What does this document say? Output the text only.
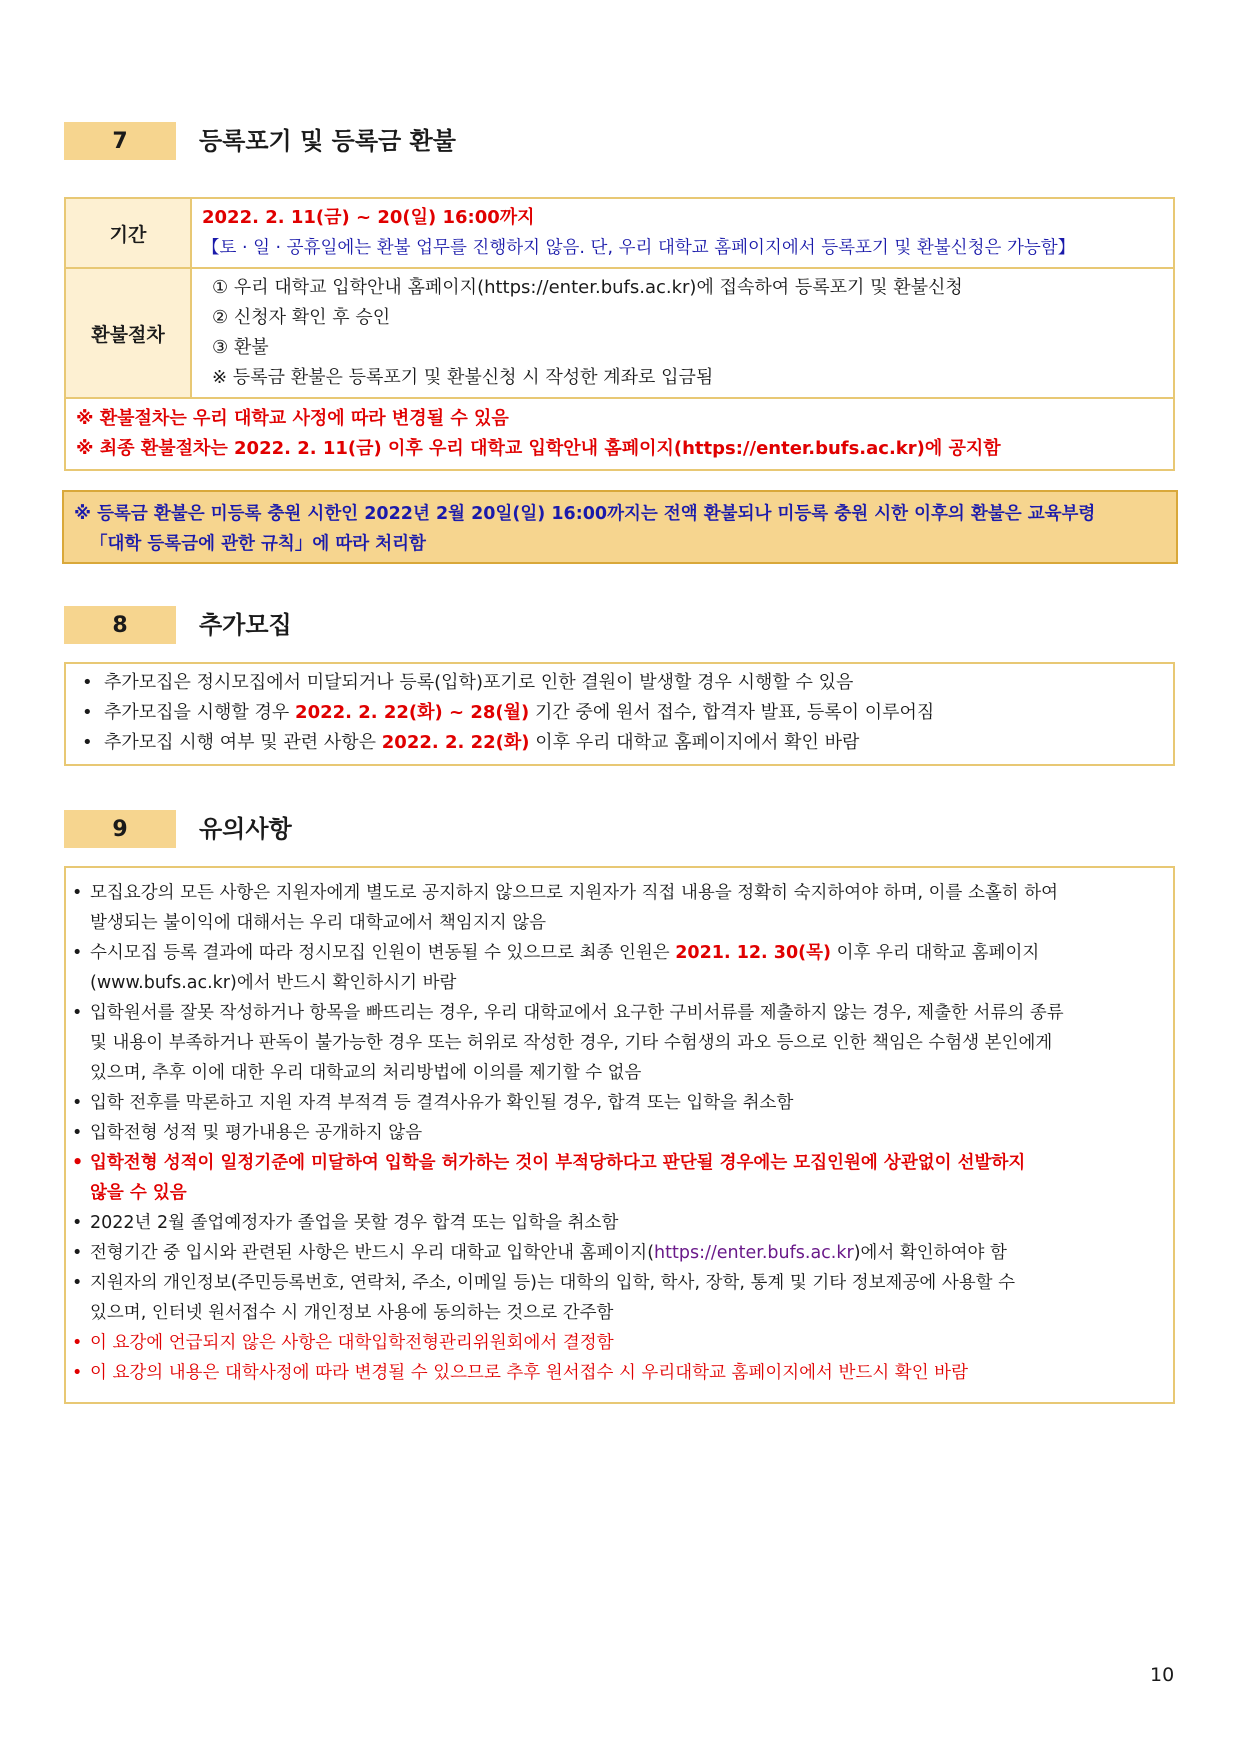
7	등록포기 및 등록금 환불
기간	2022. 2. 11(금) ~ 20(일) 16:00까지
【토 · 일 · 공휴일에는 환불 업무를 진행하지 않음. 단, 우리 대학교 홈페이지에서 등록포기 및 환불신청은 가능함】

환불절차	① 우리 대학교 입학안내 홈페이지(https://enter.bufs.ac.kr)에 접속하여 등록포기 및 환불신청
② 신청자 확인 후 승인
③ 환불
※ 등록금 환불은 등록포기 및 환불신청 시 작성한 계좌로 입금됨

※ 환불절차는 우리 대학교 사정에 따라 변경될 수 있음
※ 최종 환불절차는 2022. 2. 11(금) 이후 우리 대학교 입학안내 홈페이지(https://enter.bufs.ac.kr)에 공지함	
※ 등록금 환불은 미등록 충원 시한인 2022년 2월 20일(일) 16:00까지는 전액 환불되나 미등록 충원 시한 이후의 환불은 교육부령
「대학 등록금에 관한 규칙」에 따라 처리함
8	추가모집
• 추가모집은 정시모집에서 미달되거나 등록(입학)포기로 인한 결원이 발생할 경우 시행할 수 있음
• 추가모집을 시행할 경우 2022. 2. 22(화) ~ 28(월) 기간 중에 원서 접수, 합격자 발표, 등록이 이루어짐
• 추가모집 시행 여부 및 관련 사항은 2022. 2. 22(화) 이후 우리 대학교 홈페이지에서 확인 바람
9	유의사항
• 모집요강의 모든 사항은 지원자에게 별도로 공지하지 않으므로 지원자가 직접 내용을 정확히 숙지하여야 하며, 이를 소홀히 하여
발생되는 불이익에 대해서는 우리 대학교에서 책임지지 않음
• 수시모집 등록 결과에 따라 정시모집 인원이 변동될 수 있으므로 최종 인원은 2021. 12. 30(목) 이후 우리 대학교 홈페이지
(www.bufs.ac.kr)에서 반드시 확인하시기 바람
• 입학원서를 잘못 작성하거나 항목을 빠뜨리는 경우, 우리 대학교에서 요구한 구비서류를 제출하지 않는 경우, 제출한 서류의 종류
및 내용이 부족하거나 판독이 불가능한 경우 또는 허위로 작성한 경우, 기타 수험생의 과오 등으로 인한 책임은 수험생 본인에게
있으며, 추후 이에 대한 우리 대학교의 처리방법에 이의를 제기할 수 없음
• 입학 전후를 막론하고 지원 자격 부적격 등 결격사유가 확인될 경우, 합격 또는 입학을 취소함
• 입학전형 성적 및 평가내용은 공개하지 않음
• 입학전형 성적이 일정기준에 미달하여 입학을 허가하는 것이 부적당하다고 판단될 경우에는 모집인원에 상관없이 선발하지
않을 수 있음
• 2022년 2월 졸업예정자가 졸업을 못할 경우 합격 또는 입학을 취소함
• 전형기간 중 입시와 관련된 사항은 반드시 우리 대학교 입학안내 홈페이지(https://enter.bufs.ac.kr)에서 확인하여야 함
• 지원자의 개인정보(주민등록번호, 연락처, 주소, 이메일 등)는 대학의 입학, 학사, 장학, 통계 및 기타 정보제공에 사용할 수
있으며, 인터넷 원서접수 시 개인정보 사용에 동의하는 것으로 간주함
• 이 요강에 언급되지 않은 사항은 대학입학전형관리위원회에서 결정함
• 이 요강의 내용은 대학사정에 따라 변경될 수 있으므로 추후 원서접수 시 우리대학교 홈페이지에서 반드시 확인 바람
10
